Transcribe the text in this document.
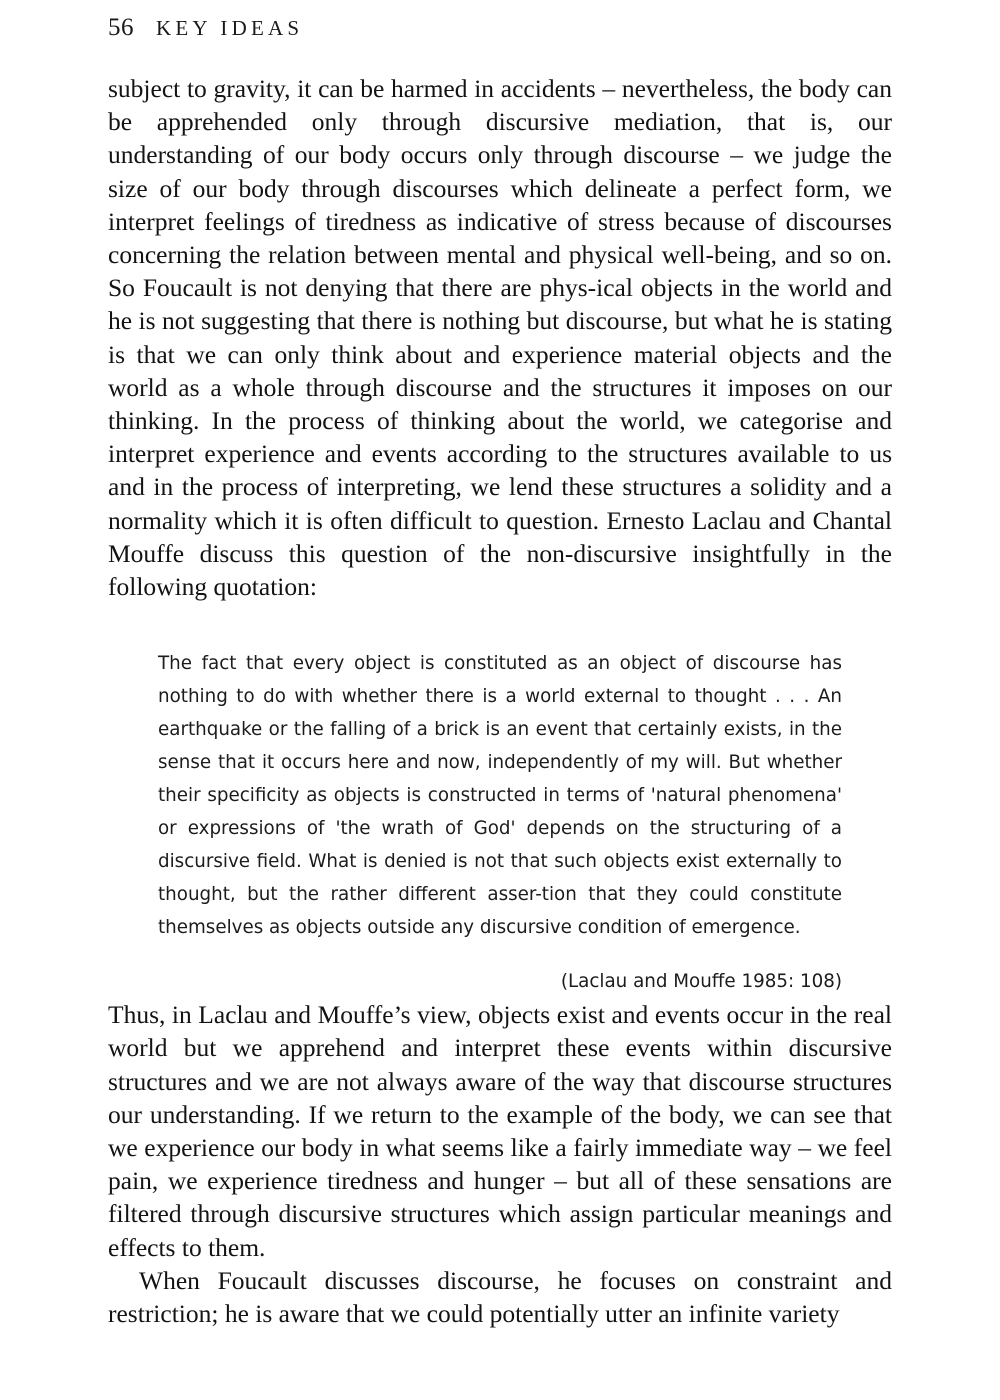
56 KEY IDEAS

subject to gravity, it can be harmed in accidents – nevertheless, the body can be apprehended only through discursive mediation, that is, our understanding of our body occurs only through discourse – we judge the size of our body through discourses which delineate a perfect form, we interpret feelings of tiredness as indicative of stress because of discourses concerning the relation between mental and physical well-being, and so on. So Foucault is not denying that there are phys-ical objects in the world and he is not suggesting that there is nothing but discourse, but what he is stating is that we can only think about and experience material objects and the world as a whole through discourse and the structures it imposes on our thinking. In the process of thinking about the world, we categorise and interpret experience and events according to the structures available to us and in the process of interpreting, we lend these structures a solidity and a normality which it is often difficult to question. Ernesto Laclau and Chantal Mouffe discuss this question of the non-discursive insightfully in the following quotation:

The fact that every object is constituted as an object of discourse has nothing to do with whether there is a world external to thought . . . An earthquake or the falling of a brick is an event that certainly exists, in the sense that it occurs here and now, independently of my will. But whether their specificity as objects is constructed in terms of 'natural phenomena' or expressions of 'the wrath of God' depends on the structuring of a discursive field. What is denied is not that such objects exist externally to thought, but the rather different asser-tion that they could constitute themselves as objects outside any discursive condition of emergence.

(Laclau and Mouffe 1985: 108)

Thus, in Laclau and Mouffe’s view, objects exist and events occur in the real world but we apprehend and interpret these events within discursive structures and we are not always aware of the way that discourse structures our understanding. If we return to the example of the body, we can see that we experience our body in what seems like a fairly immediate way – we feel pain, we experience tiredness and hunger – but all of these sensations are filtered through discursive structures which assign particular meanings and effects to them.

When Foucault discusses discourse, he focuses on constraint and restriction; he is aware that we could potentially utter an infinite variety
